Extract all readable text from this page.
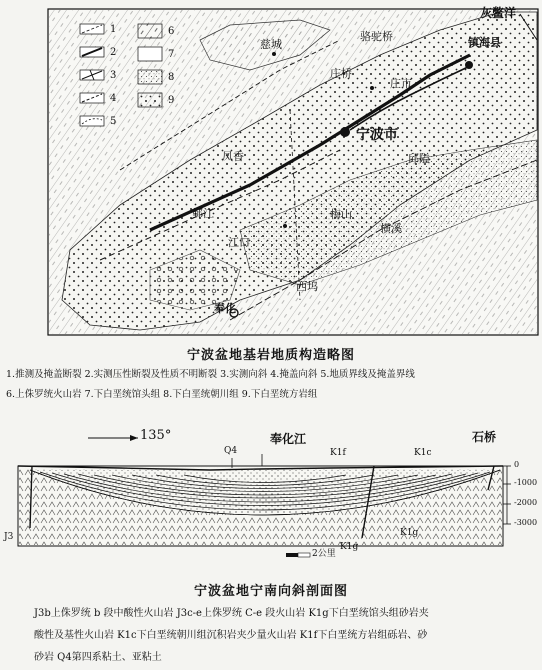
1
2
3
4
5
6
7
8
9
灰鳖洋
镇海县
慈城
骆驼桥
庄桥
庄市
宁波市
凤香	邱隘
鄞江
横溪
江口
奉化
西坞
梅山
宁波盆地基岩地质构造略图
1.推测及掩盖断裂 2.实测压性断裂及性质不明断裂 3.实测向斜 4.掩盖向斜 5.地质界线及掩盖界线
6.上侏罗统火山岩 7.下白垩统馆头组 8.下白垩统朝川组 9.下白垩统方岩组
135°	奉化江	石桥
Q4	K1f	K1c
J3
K1g
K1g
2公里
0
-1000
-2000
-3000
宁波盆地宁南向斜剖面图
J3b上侏罗统 b 段中酸性火山岩 J3c-e上侏罗统 C-e 段火山岩 K1g下白垩统馆头组砂岩夹
酸性及基性火山岩 K1c下白垩统朝川组沉积岩夹少量火山岩 K1f下白垩统方岩组砾岩、砂
砂岩 Q4第四系粘土、亚粘土
